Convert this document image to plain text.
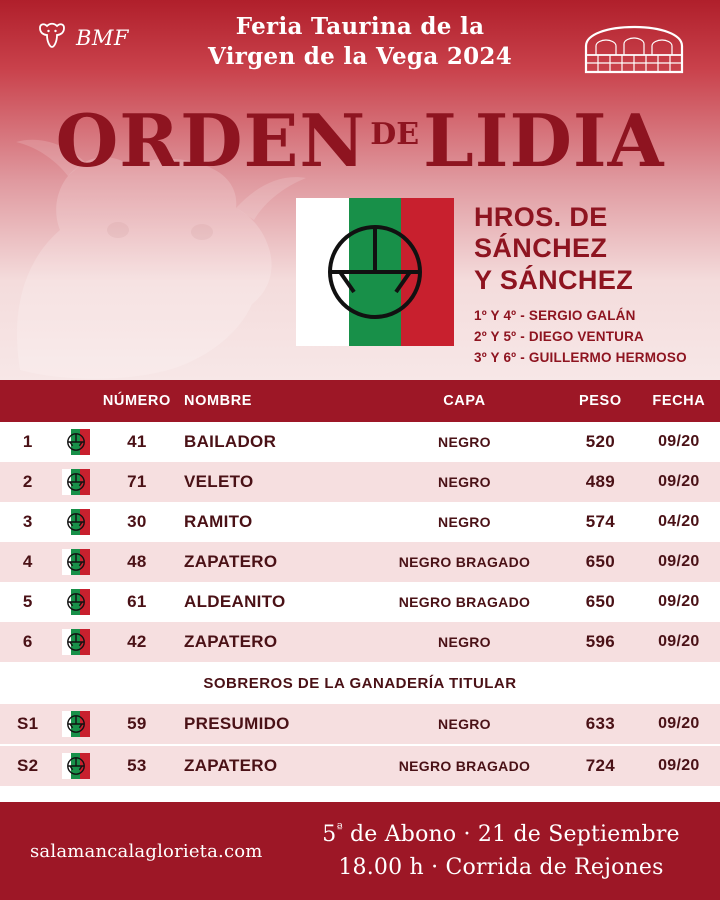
BMF	Feria Taurina de la
Virgen de la Vega 2024
ORDEN $^{DE}$LIDIA
HROS. DE
SÁNCHEZ
Y SÁNCHEZ
1º Y 4º - SERGIO GALÁN
2º Y 5º - DIEGO VENTURA
3º Y 6º - GUILLERMO HERMOSO
NÚMERO NOMBRE	CAPA	PESO	FECHA
1	41	BAILADOR	NEGRO	520	09/20
2	71	VELETO	NEGRO	489	09/20
3	30	RAMITO	NEGRO	574	04/20
4	48	ZAPATERO	NEGRO BRAGADO	650	09/20
5	61	ALDEANITO	NEGRO BRAGADO	650	09/20
6	42	ZAPATERO	NEGRO	596	09/20
SOBREROS DE LA GANADERÍA TITULAR
S1	59	PRESUMIDO	NEGRO	633	09/20
S2	53	ZAPATERO	NEGRO BRAGADO	724	09/20
salamancalaglorieta.com
$5^ª$ de Abono · 21 de Septiembre
18.00 h · Corrida de Rejones
